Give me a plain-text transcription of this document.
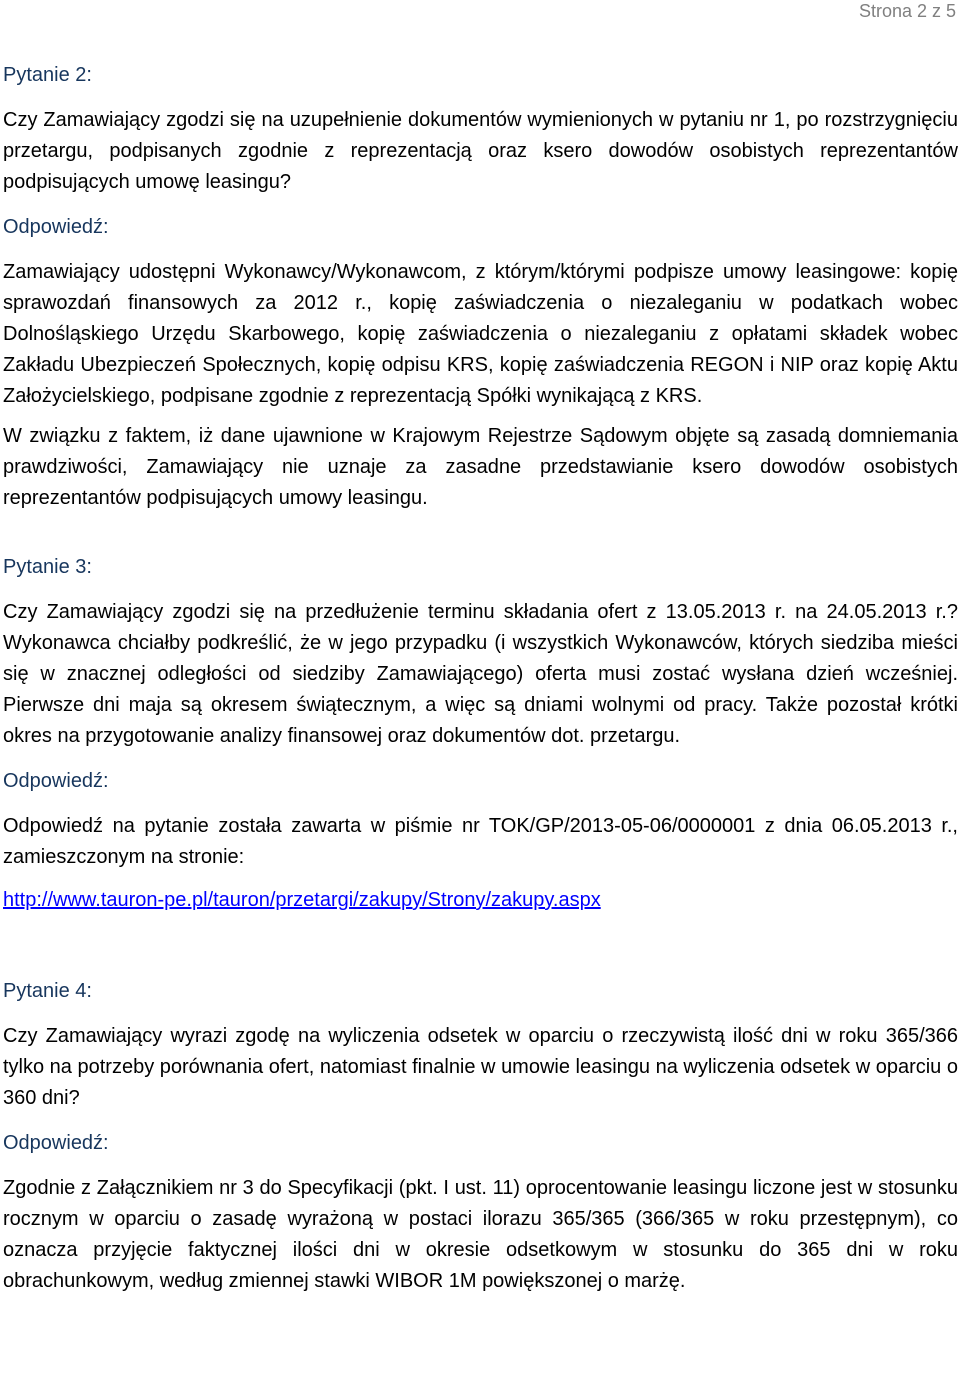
Strona 2 z 5

Pytanie 2:

Czy Zamawiający zgodzi się na uzupełnienie dokumentów wymienionych w pytaniu nr 1, po rozstrzygnięciu przetargu, podpisanych zgodnie z reprezentacją oraz ksero dowodów osobistych reprezentantów podpisujących umowę leasingu?

Odpowiedź:

Zamawiający udostępni Wykonawcy/Wykonawcom, z którym/którymi podpisze umowy leasingowe: kopię sprawozdań finansowych za 2012 r., kopię zaświadczenia o niezaleganiu w podatkach wobec Dolnośląskiego Urzędu Skarbowego, kopię zaświadczenia o niezaleganiu z opłatami składek wobec Zakładu Ubezpieczeń Społecznych, kopię odpisu KRS, kopię zaświadczenia REGON i NIP oraz kopię Aktu Założycielskiego, podpisane zgodnie z reprezentacją Spółki wynikającą z KRS.

W związku z faktem, iż dane ujawnione w Krajowym Rejestrze Sądowym objęte są zasadą domniemania prawdziwości, Zamawiający nie uznaje za zasadne przedstawianie ksero dowodów osobistych reprezentantów podpisujących umowy leasingu.

Pytanie 3:

Czy Zamawiający zgodzi się na przedłużenie terminu składania ofert z 13.05.2013 r. na 24.05.2013 r.? Wykonawca chciałby podkreślić, że w jego przypadku (i wszystkich Wykonawców, których siedziba mieści się w znacznej odległości od siedziby Zamawiającego) oferta musi zostać wysłana dzień wcześniej. Pierwsze dni maja są okresem świątecznym, a więc są dniami wolnymi od pracy. Także pozostał krótki okres na przygotowanie analizy finansowej oraz dokumentów dot. przetargu.

Odpowiedź:

Odpowiedź na pytanie została zawarta w piśmie nr TOK/GP/2013-05-06/0000001 z dnia 06.05.2013 r., zamieszczonym na stronie:

http://www.tauron-pe.pl/tauron/przetargi/zakupy/Strony/zakupy.aspx

Pytanie 4:

Czy Zamawiający wyrazi zgodę na wyliczenia odsetek w oparciu o rzeczywistą ilość dni w roku 365/366 tylko na potrzeby porównania ofert, natomiast finalnie w umowie leasingu na wyliczenia odsetek w oparciu o 360 dni?

Odpowiedź:

Zgodnie z Załącznikiem nr 3 do Specyfikacji (pkt. I ust. 11) oprocentowanie leasingu liczone jest w stosunku rocznym w oparciu o zasadę wyrażoną w postaci ilorazu 365/365 (366/365 w roku przestępnym), co oznacza przyjęcie faktycznej ilości dni w okresie odsetkowym w stosunku do 365 dni w roku obrachunkowym, według zmiennej stawki WIBOR 1M powiększonej o marżę.
